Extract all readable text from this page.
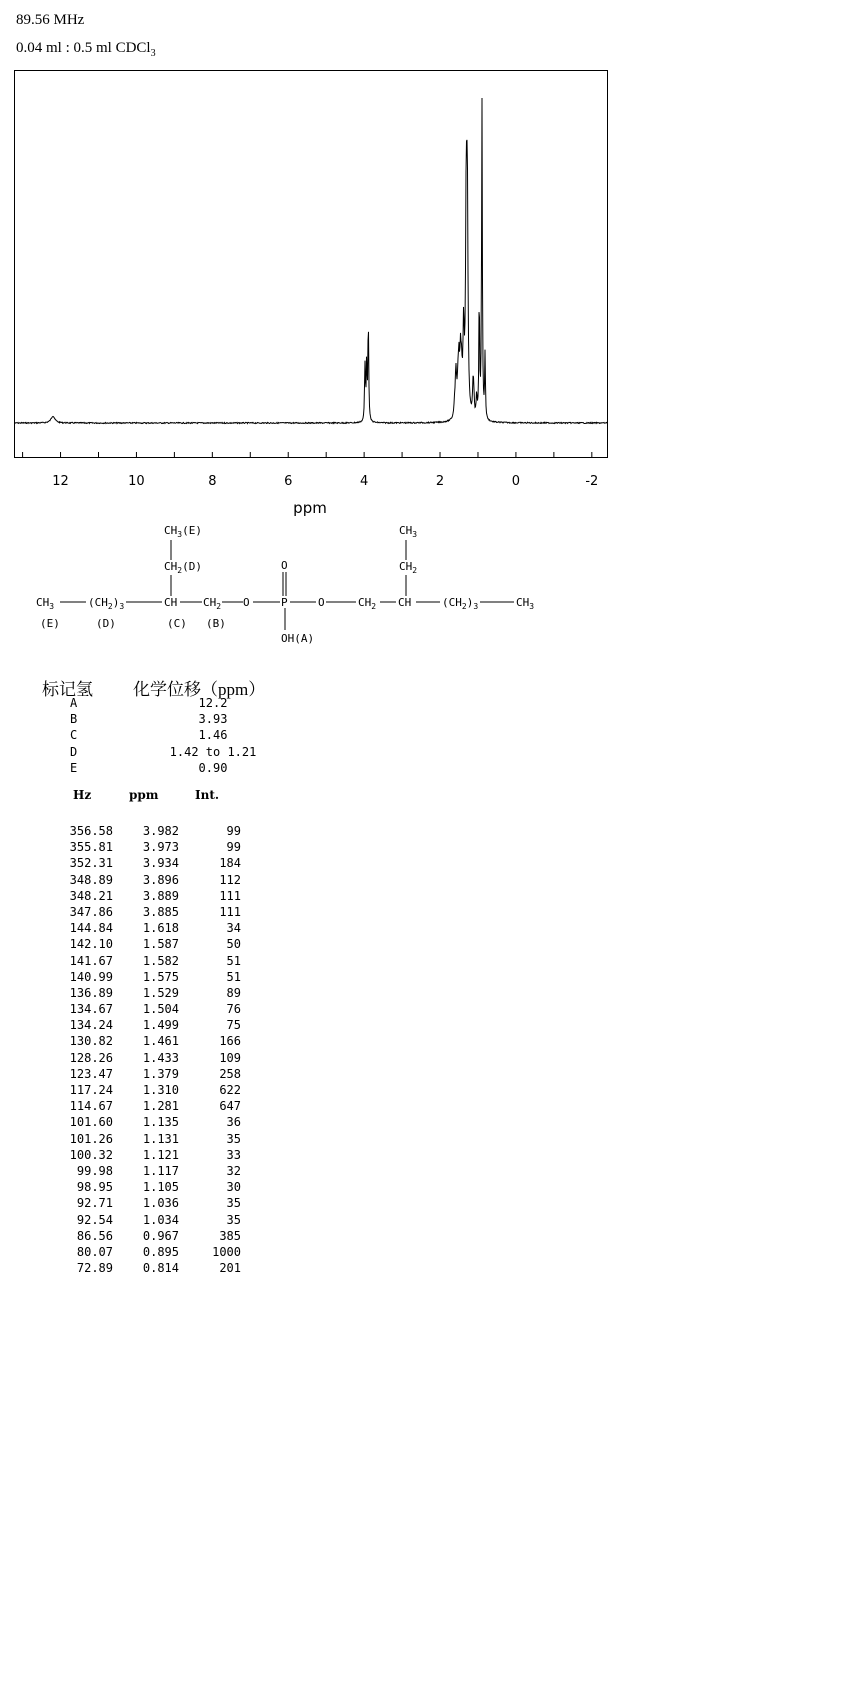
89.56 MHz
0.04 ml : 0.5 ml CDCl$_3$
12	10	8	6	4	2	0	-2
ppm
$CH_3$	$(CH_2)_3$	CH $CH_2$ O	P	O	$CH_2$ CH	$(CH_2)_3$	$CH_3$
$CH_3(E)$
$CH_2(D)$
$CH_3$
$CH_2$
O
OH(A)
(E)	(D)	(C) (B)
标记氢 化学位移（ppm）
A	12.2
B	3.93
C	1.46
D	1.42 to 1.21
E	0.90
Hz	ppm	Int.
356.58	3.982	99
355.81	3.973	99
352.31	3.934	184
348.89	3.896	112
348.21	3.889	111
347.86	3.885	111
144.84	1.618	34
142.10	1.587	50
141.67	1.582	51
140.99	1.575	51
136.89	1.529	89
134.67	1.504	76
134.24	1.499	75
130.82	1.461	166
128.26	1.433	109
123.47	1.379	258
117.24	1.310	622
114.67	1.281	647
101.60	1.135	36
101.26	1.131	35
100.32	1.121	33
99.98	1.117	32
98.95	1.105	30
92.71	1.036	35
92.54	1.034	35
86.56	0.967	385
80.07	0.895	1000
72.89	0.814	201
